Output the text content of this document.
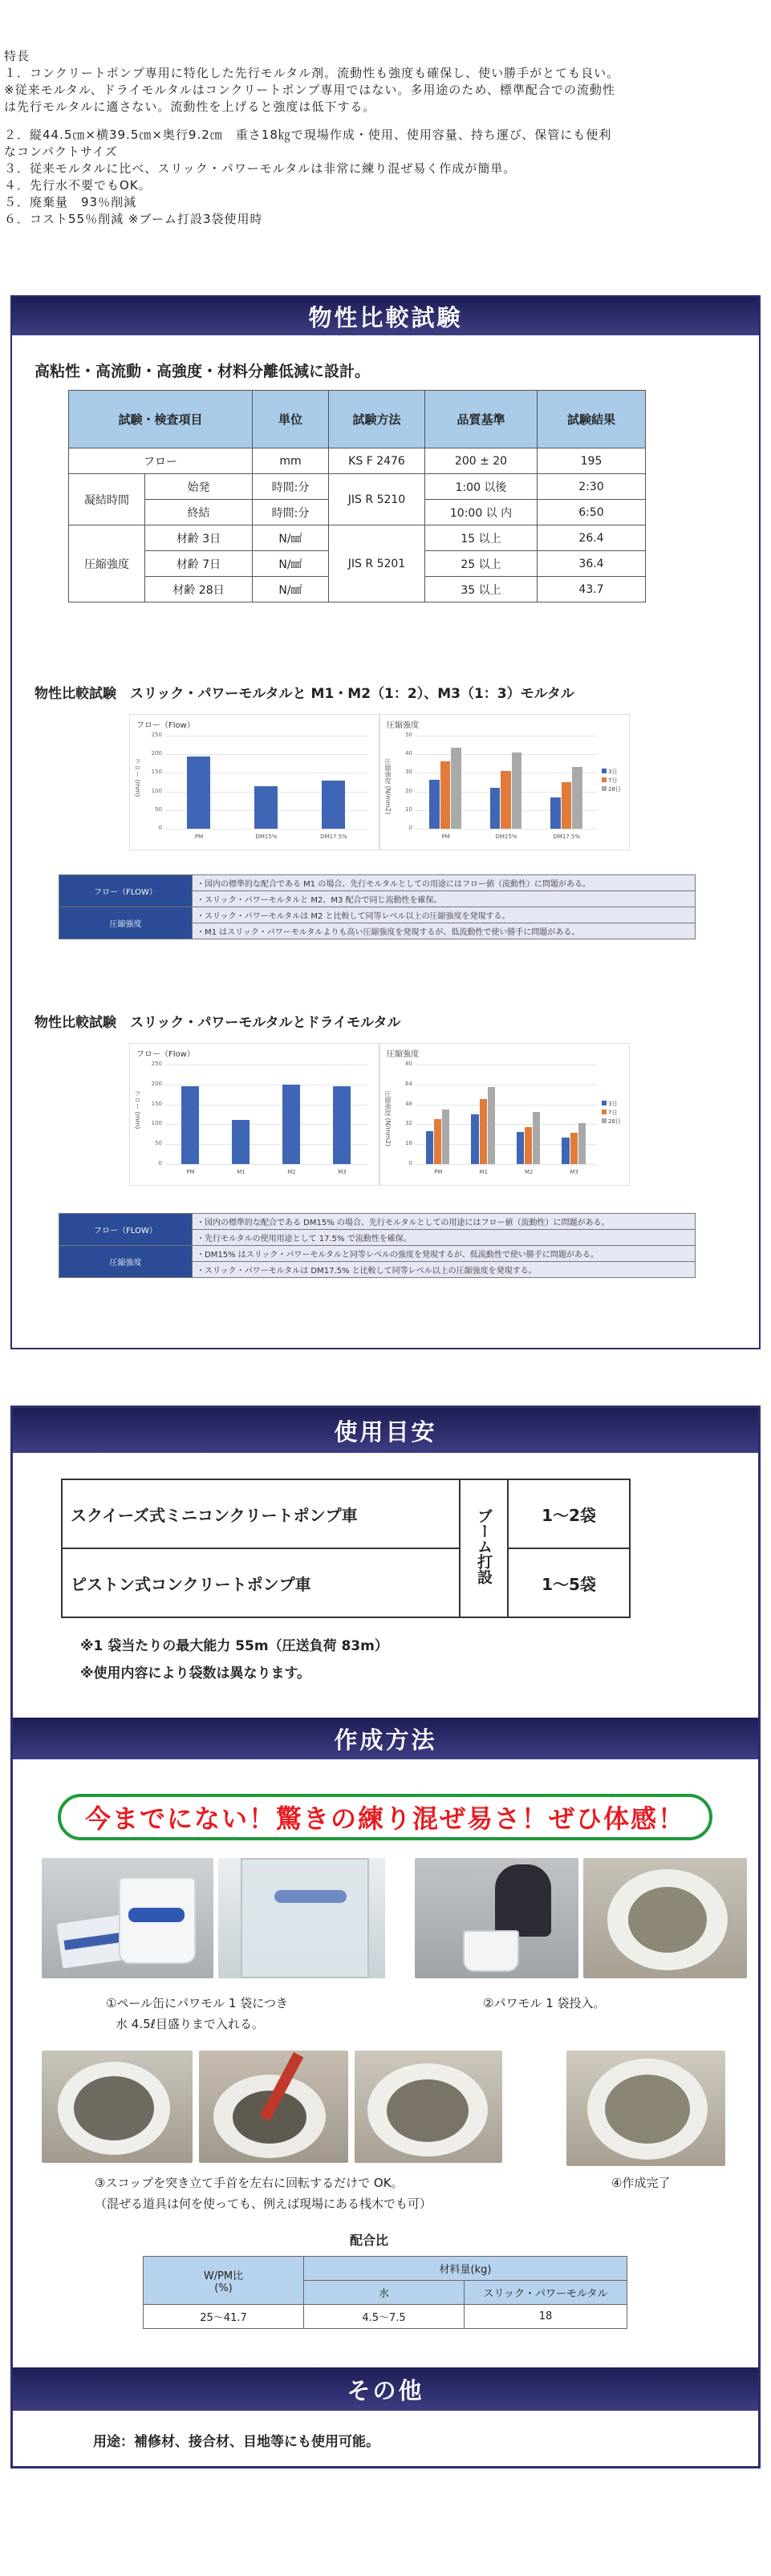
特長
１．コンクリートポンプ専用に特化した先行モルタル剤。流動性も強度も確保し、使い勝手がとても良い。
※従来モルタル、ドライモルタルはコンクリートポンプ専用ではない。多用途のため、標準配合での流動性
は先行モルタルに適さない。流動性を上げると強度は低下する。
２．縦44.5㎝×横39.5㎝×奥行9.2㎝　重さ18㎏で現場作成・使用、使用容量、持ち運び、保管にも便利
なコンパクトサイズ
３．従来モルタルに比べ、スリック・パワーモルタルは非常に練り混ぜ易く作成が簡単。
４．先行水不要でもOK。
５．廃棄量　93％削減
６．コスト55％削減 ※ブーム打設3袋使用時
物性比較試験
高粘性・高流動・高強度・材料分離低減に設計。
試験・検査項目		単位	試験方法	品質基準	試験結果
フロー		mm	KS F 2476	200 ± 20	195
凝結時間	始発	時間:分	JIS R 5210	1:00 以後	2:30
	終結	時間:分		10:00 以 内	6:50
圧縮強度	材齢 3日	N/㎟	JIS R 5201	15 以上	26.4
	材齢 7日	N/㎟		25 以上	36.4
	材齢 28日	N/㎟		35 以上	43.7
物性比較試験　スリック・パワーモルタルと M1・M2（1：2）、M3（1：3）モルタル
フロー（Flow）
フロー (mm)
0
50
100
150
200
250
PM	DM15%	DM17.5%
圧縮強度
圧縮強度 (N/mm2)
0
10
20
30
40
50
PM	DM15%	DM17.5%
3日
7日
28日
フロー（FLOW）	・国内の標準的な配合である M1 の場合、先行モルタルとしての用途にはフロー値（流動性）に問題がある。
	・スリック・パワーモルタルと M2、M3 配合で同じ流動性を確保。
圧縮強度	・スリック・パワーモルタルは M2 と比較して同等レベル以上の圧縮強度を発現する。
	・M1 はスリック・パワーモルタルよりも高い圧縮強度を発現するが、低流動性で使い勝手に問題がある。
物性比較試験　スリック・パワーモルタルとドライモルタル
フロー（Flow）
フロー (mm)
0
50
100
150
200
250
PM	M1	M2	M3
圧縮強度
圧縮強度 (N/mm2)
0
16
32
48
64
80
PM	M1	M2	M3
3日
7日
28日
フロー（FLOW）	・国内の標準的な配合である DM15% の場合、先行モルタルとしての用途にはフロー値（流動性）に問題がある。
	・先行モルタルの使用用途として 17.5% で流動性を確保。
圧縮強度	・DM15% はスリック・パワーモルタルと同等レベルの強度を発現するが、低流動性で使い勝手に問題がある。
	・スリック・パワーモルタルは DM17.5% と比較して同等レベル以上の圧縮強度を発現する。
使用目安
スクイーズ式ミニコンクリートポンプ車	ブーム打設	1～2袋
ピストン式コンクリートポンプ車		1～5袋
※1 袋当たりの最大能力 55m（圧送負荷 83m）
※使用内容により袋数は異なります。
作成方法
その他
用途：補修材、接合材、目地等にも使用可能。
今までにない！驚きの練り混ぜ易さ！ぜひ体感！
①ペール缶にパワモル 1 袋につき
水 4.5ℓ目盛りまで入れる。
②パワモル 1 袋投入。
③スコップを突き立て手首を左右に回転するだけで OK。
（混ぜる道具は何を使っても、例えば現場にある桟木でも可）
④作成完了
配合比
W/PM比
(%)	材料量(kg)	
	水	スリック・パワーモルタル
25～41.7	4.5～7.5	18
